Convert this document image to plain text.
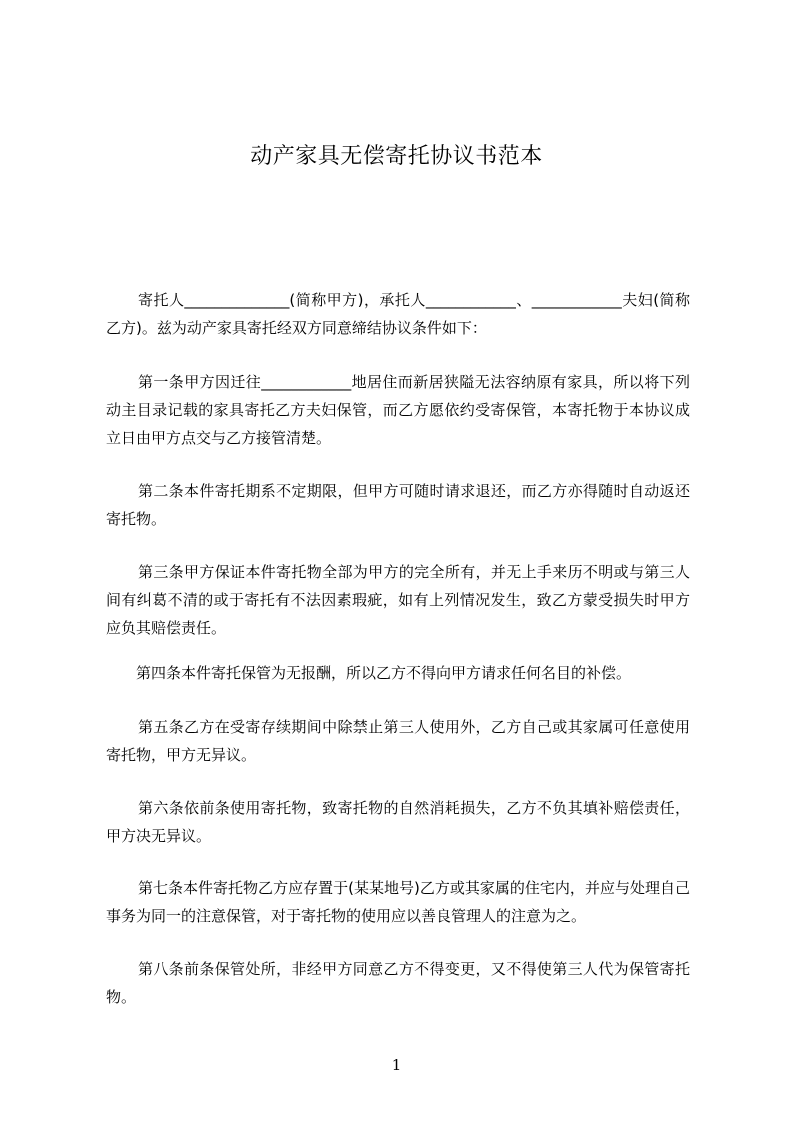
动产家具无偿寄托协议书范本

寄托人______________(简称甲方)，承托人____________、____________夫妇(简称乙方)。兹为动产家具寄托经双方同意缔结协议条件如下：

第一条甲方因迁往____________地居住而新居狭隘无法容纳原有家具，所以将下列动主目录记载的家具寄托乙方夫妇保管，而乙方愿依约受寄保管，本寄托物于本协议成立日由甲方点交与乙方接管清楚。

第二条本件寄托期系不定期限，但甲方可随时请求退还，而乙方亦得随时自动返还寄托物。

第三条甲方保证本件寄托物全部为甲方的完全所有，并无上手来历不明或与第三人间有纠葛不清的或于寄托有不法因素瑕疵，如有上列情况发生，致乙方蒙受损失时甲方应负其赔偿责任。

第四条本件寄托保管为无报酬，所以乙方不得向甲方请求任何名目的补偿。

第五条乙方在受寄存续期间中除禁止第三人使用外，乙方自己或其家属可任意使用寄托物，甲方无异议。

第六条依前条使用寄托物，致寄托物的自然消耗损失，乙方不负其填补赔偿责任，甲方决无异议。

第七条本件寄托物乙方应存置于(某某地号)乙方或其家属的住宅内，并应与处理自己事务为同一的注意保管，对于寄托物的使用应以善良管理人的注意为之。

第八条前条保管处所，非经甲方同意乙方不得变更，又不得使第三人代为保管寄托物。

1
